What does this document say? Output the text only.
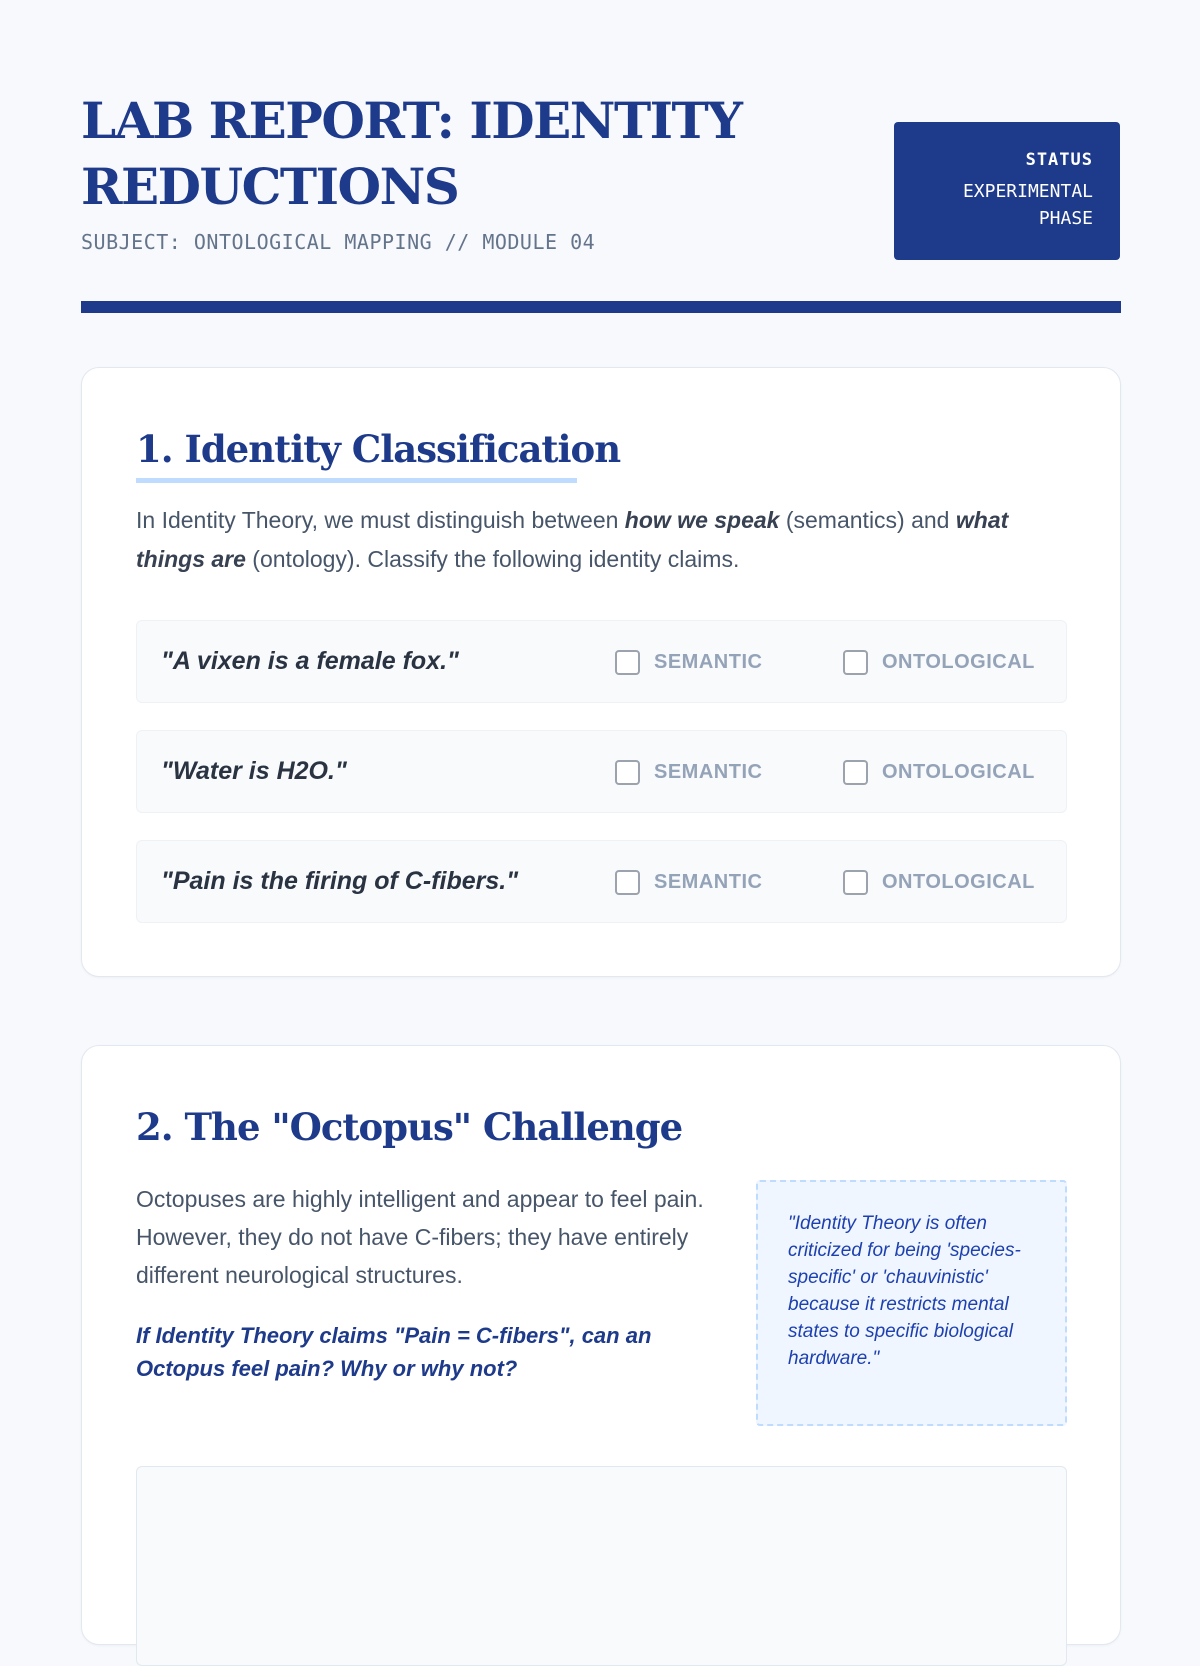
LAB REPORT: IDENTITY REDUCTIONS
SUBJECT: ONTOLOGICAL MAPPING // MODULE 04
STATUS
EXPERIMENTAL PHASE
1. Identity Classification
In Identity Theory, we must distinguish between how we speak (semantics) and what things are (ontology). Classify the following identity claims.
"A vixen is a female fox."	SEMANTIC	ONTOLOGICAL
"Water is H2O."	SEMANTIC	ONTOLOGICAL
"Pain is the firing of C-fibers."	SEMANTIC	ONTOLOGICAL
2. The "Octopus" Challenge
Octopuses are highly intelligent and appear to feel pain. However, they do not have C-fibers; they have entirely different neurological structures.
If Identity Theory claims "Pain = C-fibers", can an Octopus feel pain? Why or why not?
"Identity Theory is often criticized for being 'species-specific' or 'chauvinistic' because it restricts mental states to specific biological hardware."
